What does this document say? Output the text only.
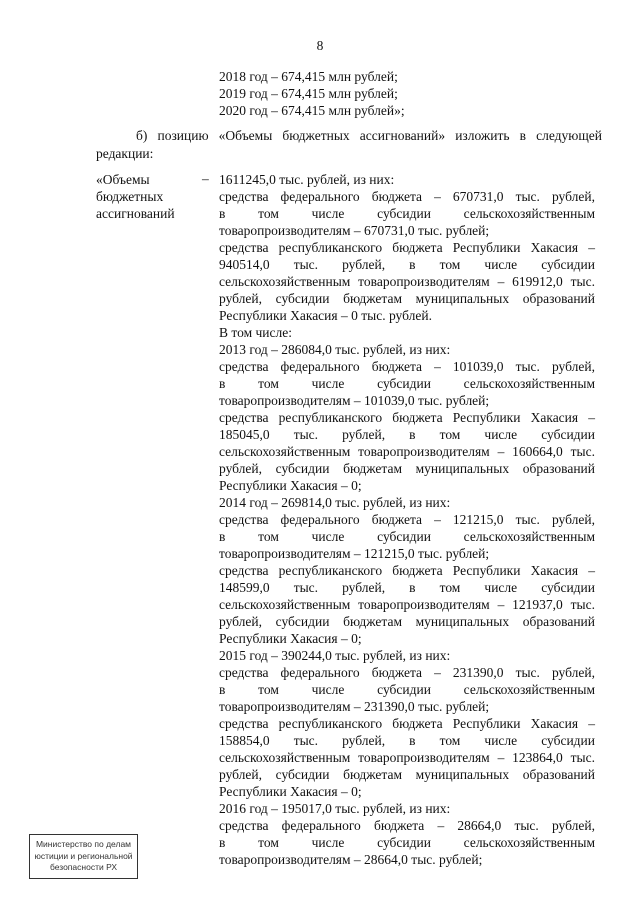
8
2018 год – 674,415 млн рублей;
2019 год – 674,415 млн рублей;
2020 год – 674,415 млн рублей»;
б) позицию «Объемы бюджетных ассигнований» изложить в следующей
редакции:
«Объемы
бюджетных
ассигнований
– 1611245,0 тыс. рублей, из них:
средства федерального бюджета – 670731,0 тыс. рублей,
в том числе субсидии сельскохозяйственным
товаропроизводителям – 670731,0 тыс. рублей;
средства республиканского бюджета Республики Хакасия –
940514,0 тыс. рублей, в том числе субсидии
сельскохозяйственным товаропроизводителям – 619912,0 тыс.
рублей, субсидии бюджетам муниципальных образований
Республики Хакасия – 0 тыс. рублей.
В том числе:
2013 год – 286084,0 тыс. рублей, из них:
средства федерального бюджета – 101039,0 тыс. рублей,
в том числе субсидии сельскохозяйственным
товаропроизводителям – 101039,0 тыс. рублей;
средства республиканского бюджета Республики Хакасия –
185045,0 тыс. рублей, в том числе субсидии
сельскохозяйственным товаропроизводителям – 160664,0 тыс.
рублей, субсидии бюджетам муниципальных образований
Республики Хакасия – 0;
2014 год – 269814,0 тыс. рублей, из них:
средства федерального бюджета – 121215,0 тыс. рублей,
в том числе субсидии сельскохозяйственным
товаропроизводителям – 121215,0 тыс. рублей;
средства республиканского бюджета Республики Хакасия –
148599,0 тыс. рублей, в том числе субсидии
сельскохозяйственным товаропроизводителям – 121937,0 тыс.
рублей, субсидии бюджетам муниципальных образований
Республики Хакасия – 0;
2015 год – 390244,0 тыс. рублей, из них:
средства федерального бюджета – 231390,0 тыс. рублей,
в том числе субсидии сельскохозяйственным
товаропроизводителям – 231390,0 тыс. рублей;
средства республиканского бюджета Республики Хакасия –
158854,0 тыс. рублей, в том числе субсидии
сельскохозяйственным товаропроизводителям – 123864,0 тыс.
рублей, субсидии бюджетам муниципальных образований
Республики Хакасия – 0;
2016 год – 195017,0 тыс. рублей, из них:
средства федерального бюджета – 28664,0 тыс. рублей,
в том числе субсидии сельскохозяйственным
товаропроизводителям – 28664,0 тыс. рублей;
Министерство по делам
юстиции и региональной
безопасности РХ
